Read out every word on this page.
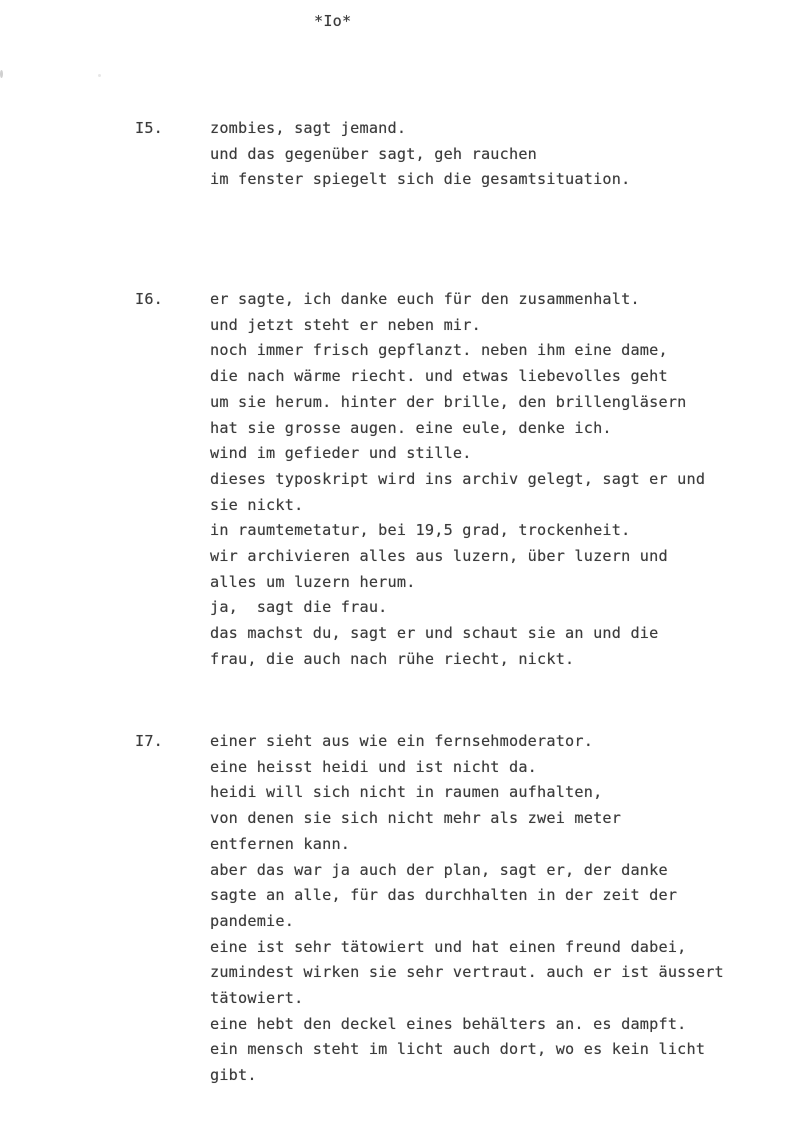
*Io*
I5.	zombies, sagt jemand.
und das gegenüber sagt, geh rauchen
im fenster spiegelt sich die gesamtsituation.
I6.	er sagte, ich danke euch für den zusammenhalt.
und jetzt steht er neben mir.
noch immer frisch gepflanzt. neben ihm eine dame,
die nach wärme riecht. und etwas liebevolles geht
um sie herum. hinter der brille, den brillengläsern
hat sie grosse augen. eine eule, denke ich.
wind im gefieder und stille.
dieses typoskript wird ins archiv gelegt, sagt er und
sie nickt.
in raumtemetatur, bei 19,5 grad, trockenheit.
wir archivieren alles aus luzern, über luzern und
alles um luzern herum.
ja,  sagt die frau.
das machst du, sagt er und schaut sie an und die
frau, die auch nach rühe riecht, nickt.
I7.	einer sieht aus wie ein fernsehmoderator.
eine heisst heidi und ist nicht da.
heidi will sich nicht in raumen aufhalten,
von denen sie sich nicht mehr als zwei meter
entfernen kann.
aber das war ja auch der plan, sagt er, der danke
sagte an alle, für das durchhalten in der zeit der
pandemie.
eine ist sehr tätowiert und hat einen freund dabei,
zumindest wirken sie sehr vertraut. auch er ist äussert
tätowiert.
eine hebt den deckel eines behälters an. es dampft.
ein mensch steht im licht auch dort, wo es kein licht
gibt.
